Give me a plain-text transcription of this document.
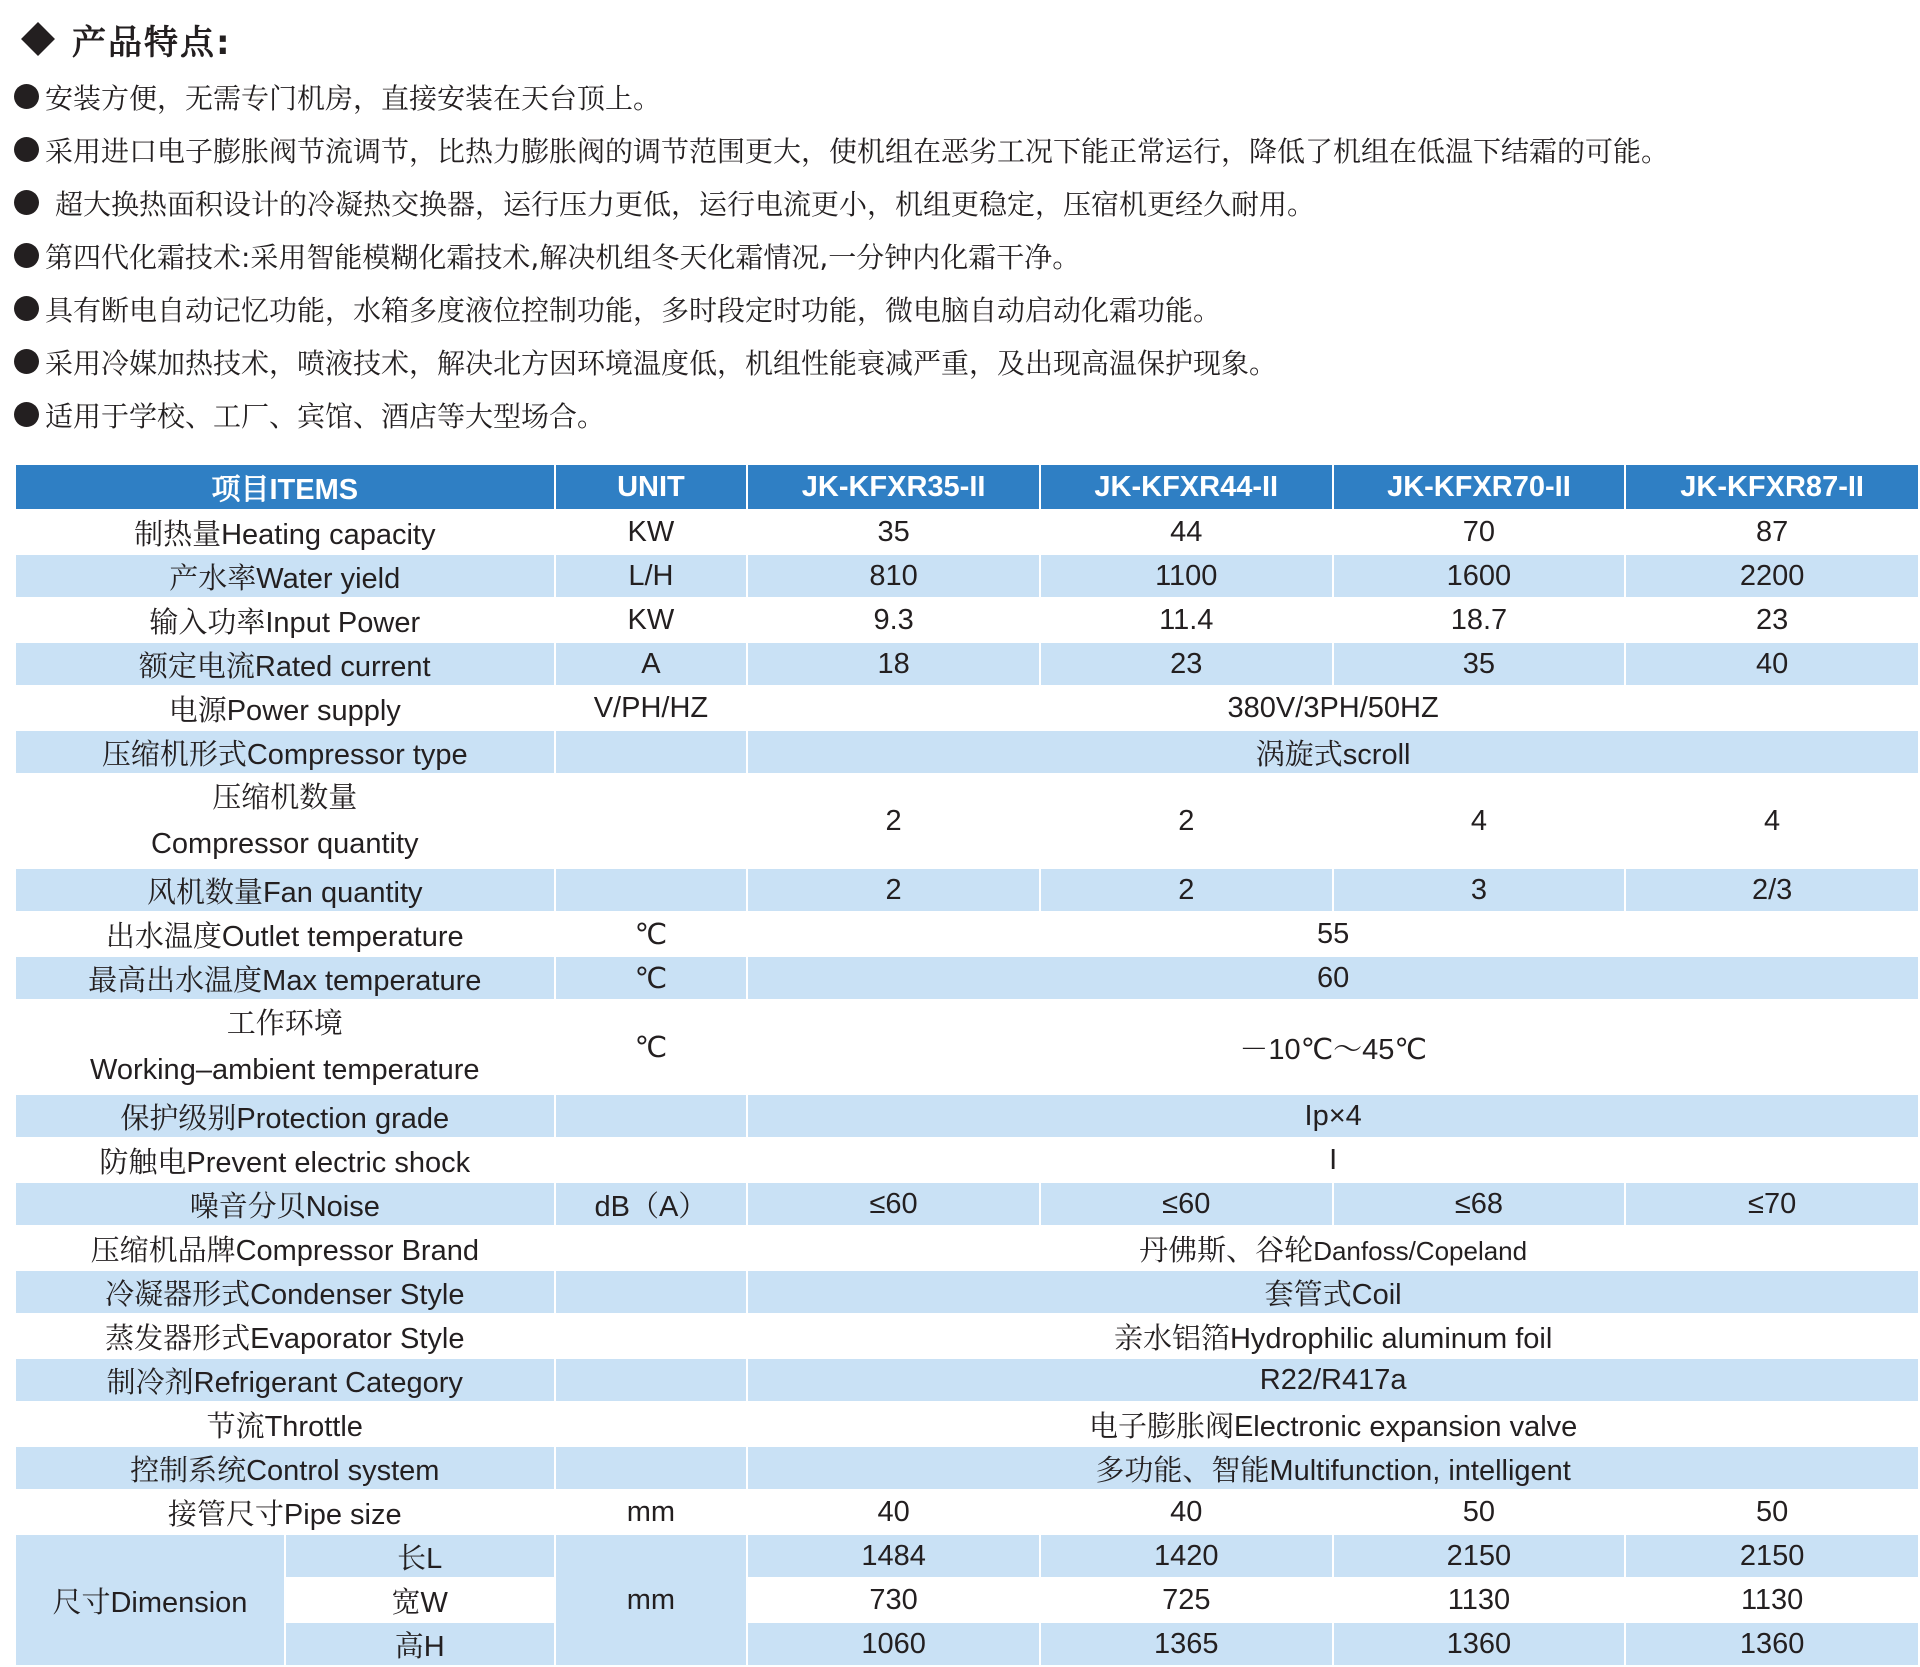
产品特点:
安装方便，无需专门机房，直接安装在天台顶上。
采用进口电子膨胀阀节流调节，比热力膨胀阀的调节范围更大，使机组在恶劣工况下能正常运行，降低了机组在低温下结霜的可能。
超大换热面积设计的冷凝热交换器，运行压力更低，运行电流更小，机组更稳定，压宿机更经久耐用。
第四代化霜技术:采用智能模糊化霜技术,解决机组冬天化霜情况,一分钟内化霜干净。
具有断电自动记忆功能，水箱多度液位控制功能，多时段定时功能，微电脑自动启动化霜功能。
采用冷媒加热技术，喷液技术，解决北方因环境温度低，机组性能衰减严重，及出现高温保护现象。
适用于学校、工厂、宾馆、酒店等大型场合。
项目ITEMS		UNIT	JK-KFXR35-II	JK-KFXR44-II	JK-KFXR70-II	JK-KFXR87-II
制热量Heating capacity		KW	35	44	70	87
产水率Water yield		L/H	810	1100	1600	2200
输入功率Input Power		KW	9.3	11.4	18.7	23
额定电流Rated current		A	18	23	35	40
电源Power supply		V/PH/HZ	380V/3PH/50HZ			
压缩机形式Compressor type			涡旋式scroll			
压缩机数量
Compressor quantity			2	2	4	4
风机数量Fan quantity			2	2	3	2/3
出水温度Outlet temperature		℃	55			
最高出水温度Max temperature		℃	60			
工作环境
Working–ambient temperature		℃	－10℃～45℃			
保护级别Protection grade			Ip×4			
防触电Prevent electric shock			I			
噪音分贝Noise		dB（A）	≤60	≤60	≤68	≤70
压缩机品牌Compressor Brand			丹佛斯、谷轮Danfoss/Copeland			
冷凝器形式Condenser Style			套管式Coil			
蒸发器形式Evaporator Style			亲水铝箔Hydrophilic aluminum foil			
制冷剂Refrigerant Category			R22/R417a			
节流Throttle			电子膨胀阀Electronic expansion valve			
控制系统Control system			多功能、智能Multifunction, intelligent			
接管尺寸Pipe size		mm	40	40	50	50
尺寸Dimension	长L	mm	1484	1420	2150	2150
	宽W		730	725	1130	1130
	高H		1060	1365	1360	1360
